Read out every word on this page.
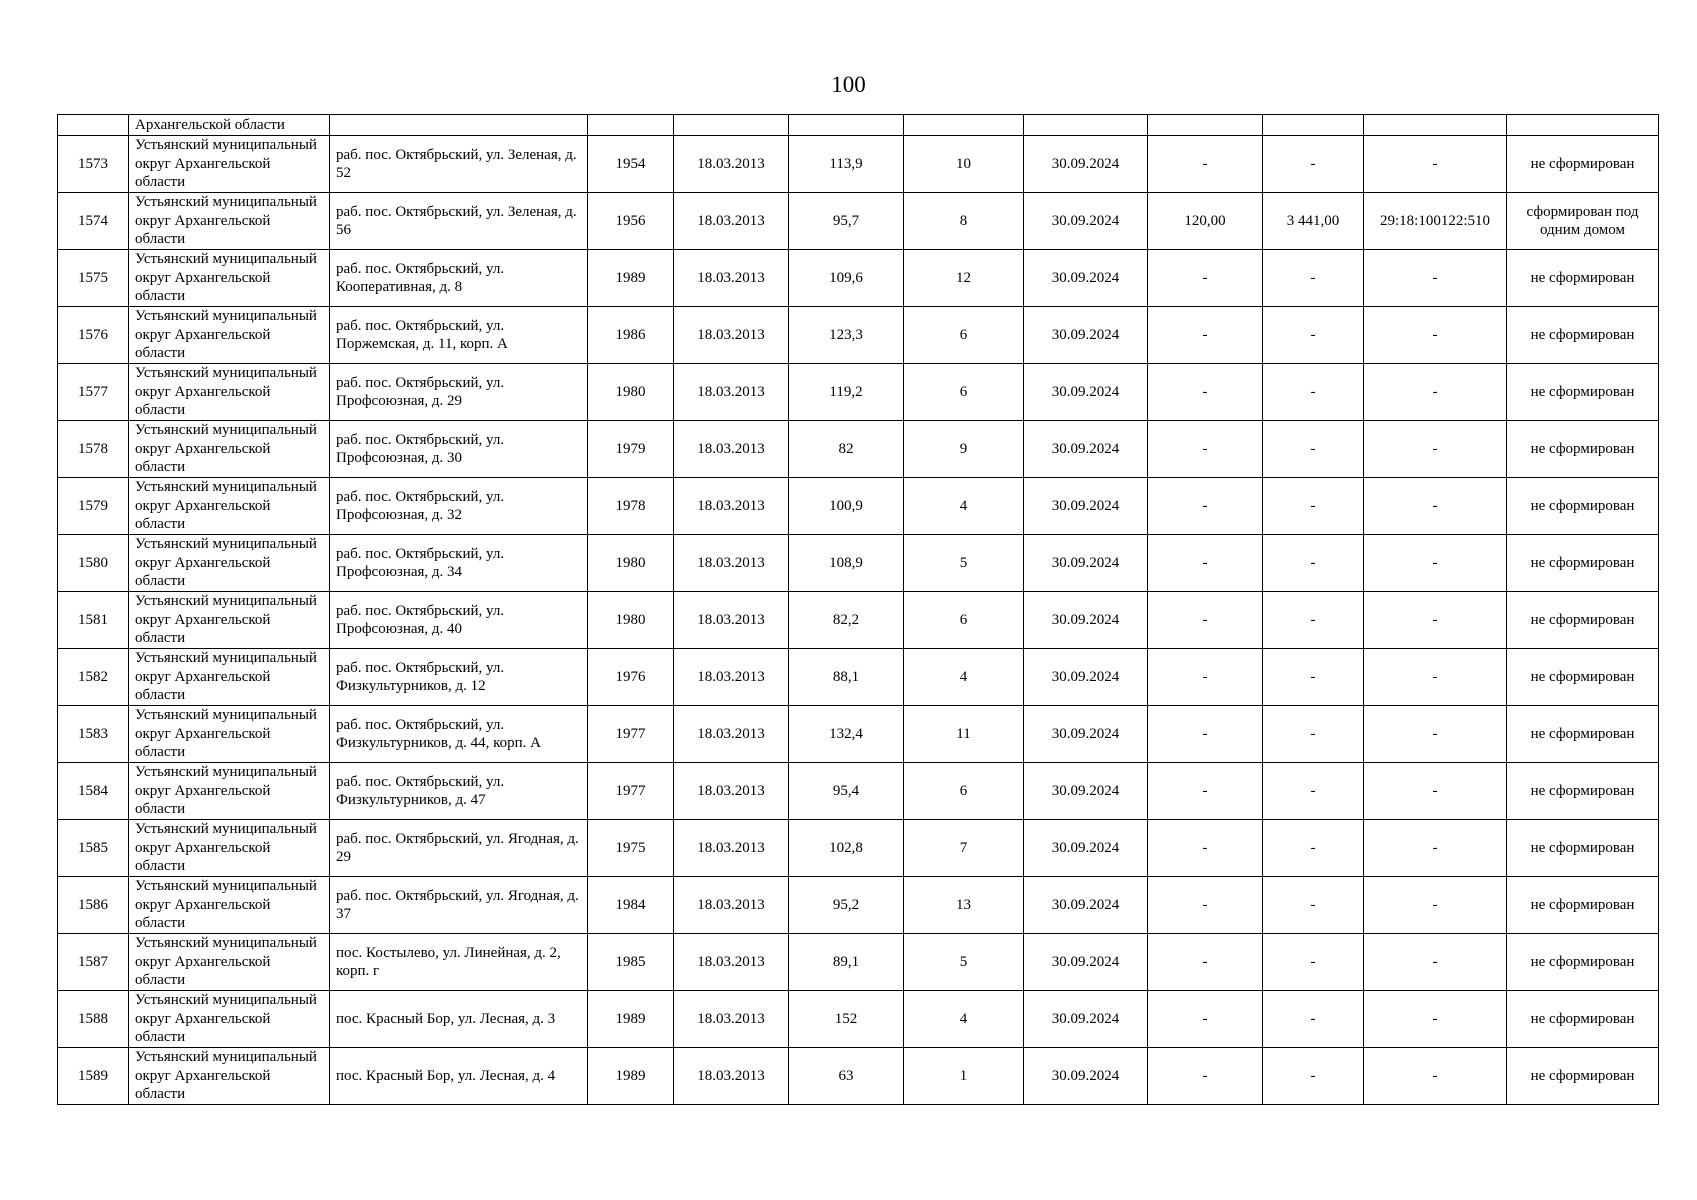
100
	Архангельской области										
1573	Устьянский муниципальный округ Архангельской области	раб. пос. Октябрьский, ул. Зеленая, д. 52	1954	18.03.2013	113,9	10	30.09.2024	-	-	-	не сформирован
1574	Устьянский муниципальный округ Архангельской области	раб. пос. Октябрьский, ул. Зеленая, д. 56	1956	18.03.2013	95,7	8	30.09.2024	120,00	3 441,00	29:18:100122:510	сформирован под одним домом
1575	Устьянский муниципальный округ Архангельской области	раб. пос. Октябрьский, ул. Кооперативная, д. 8	1989	18.03.2013	109,6	12	30.09.2024	-	-	-	не сформирован
1576	Устьянский муниципальный округ Архангельской области	раб. пос. Октябрьский, ул. Поржемская, д. 11, корп. А	1986	18.03.2013	123,3	6	30.09.2024	-	-	-	не сформирован
1577	Устьянский муниципальный округ Архангельской области	раб. пос. Октябрьский, ул. Профсоюзная, д. 29	1980	18.03.2013	119,2	6	30.09.2024	-	-	-	не сформирован
1578	Устьянский муниципальный округ Архангельской области	раб. пос. Октябрьский, ул. Профсоюзная, д. 30	1979	18.03.2013	82	9	30.09.2024	-	-	-	не сформирован
1579	Устьянский муниципальный округ Архангельской области	раб. пос. Октябрьский, ул. Профсоюзная, д. 32	1978	18.03.2013	100,9	4	30.09.2024	-	-	-	не сформирован
1580	Устьянский муниципальный округ Архангельской области	раб. пос. Октябрьский, ул. Профсоюзная, д. 34	1980	18.03.2013	108,9	5	30.09.2024	-	-	-	не сформирован
1581	Устьянский муниципальный округ Архангельской области	раб. пос. Октябрьский, ул. Профсоюзная, д. 40	1980	18.03.2013	82,2	6	30.09.2024	-	-	-	не сформирован
1582	Устьянский муниципальный округ Архангельской области	раб. пос. Октябрьский, ул. Физкультурников, д. 12	1976	18.03.2013	88,1	4	30.09.2024	-	-	-	не сформирован
1583	Устьянский муниципальный округ Архангельской области	раб. пос. Октябрьский, ул. Физкультурников, д. 44, корп. А	1977	18.03.2013	132,4	11	30.09.2024	-	-	-	не сформирован
1584	Устьянский муниципальный округ Архангельской области	раб. пос. Октябрьский, ул. Физкультурников, д. 47	1977	18.03.2013	95,4	6	30.09.2024	-	-	-	не сформирован
1585	Устьянский муниципальный округ Архангельской области	раб. пос. Октябрьский, ул. Ягодная, д. 29	1975	18.03.2013	102,8	7	30.09.2024	-	-	-	не сформирован
1586	Устьянский муниципальный округ Архангельской области	раб. пос. Октябрьский, ул. Ягодная, д. 37	1984	18.03.2013	95,2	13	30.09.2024	-	-	-	не сформирован
1587	Устьянский муниципальный округ Архангельской области	пос. Костылево, ул. Линейная, д. 2, корп. г	1985	18.03.2013	89,1	5	30.09.2024	-	-	-	не сформирован
1588	Устьянский муниципальный округ Архангельской области	пос. Красный Бор, ул. Лесная, д. 3	1989	18.03.2013	152	4	30.09.2024	-	-	-	не сформирован
1589	Устьянский муниципальный округ Архангельской области	пос. Красный Бор, ул. Лесная, д. 4	1989	18.03.2013	63	1	30.09.2024	-	-	-	не сформирован
